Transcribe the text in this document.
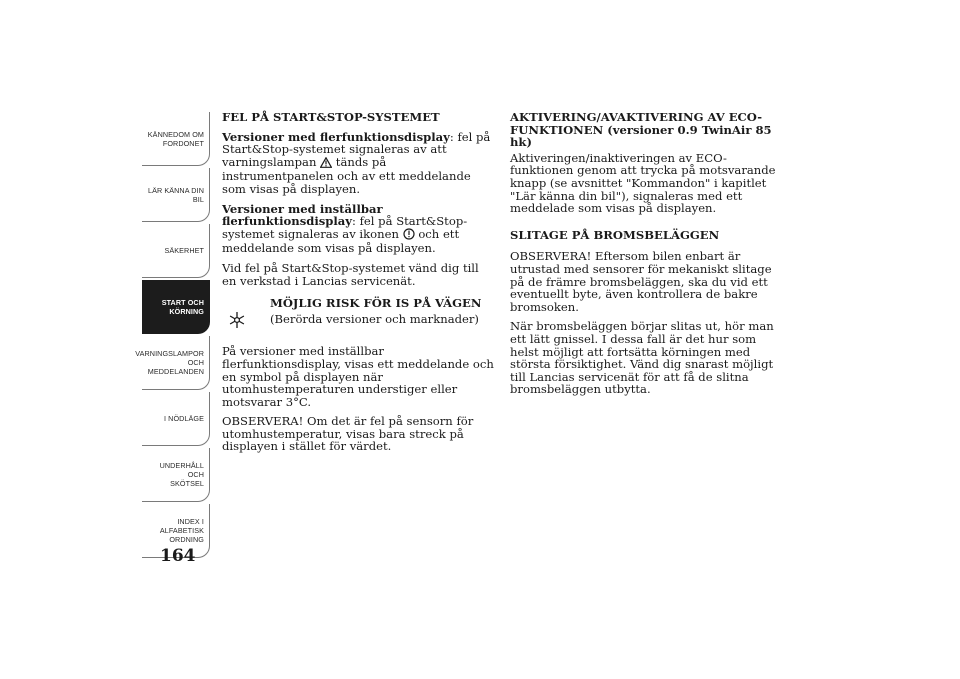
KÄNNEDOM OM
FORDONET
LÄR KÄNNA DIN
BIL
SÄKERHET
START OCH
KÖRNING
VARNINGSLAMPOR
OCH
MEDDELANDEN
I NÖDLÄGE
UNDERHÅLL OCH
SKÖTSEL
INDEX I
ALFABETISK
ORDNING
164

FEL PÅ START&STOP-SYSTEMET

Versioner med flerfunktionsdisplay: fel på Start&Stop-systemet signaleras av att varningslampan  tänds på instrumentpanelen och av ett meddelande som visas på displayen.

Versioner med inställbar flerfunktionsdisplay: fel på Start&Stop-systemet signaleras av ikonen  och ett meddelande som visas på displayen.

Vid fel på Start&Stop-systemet vänd dig till en verkstad i Lancias servicenät.

MÖJLIG RISK FÖR IS PÅ VÄGEN
(Berörda versioner och marknader)

På versioner med inställbar flerfunktionsdisplay, visas ett meddelande och en symbol på displayen när utomhustemperaturen understiger eller motsvarar 3°C.

OBSERVERA! Om det är fel på sensorn för utomhustemperatur, visas bara streck på displayen i stället för värdet.

AKTIVERING/AVAKTIVERING AV ECO-FUNKTIONEN (versioner 0.9 TwinAir 85 hk)

Aktiveringen/inaktiveringen av ECO-funktionen genom att trycka på motsvarande knapp (se avsnittet "Kommandon" i kapitlet "Lär känna din bil"), signaleras med ett meddelade som visas på displayen.

SLITAGE PÅ BROMSBELÄGGEN

OBSERVERA! Eftersom bilen enbart är utrustad med sensorer för mekaniskt slitage på de främre bromsbeläggen, ska du vid ett eventuellt byte, även kontrollera de bakre bromsoken.

När bromsbeläggen börjar slitas ut, hör man ett lätt gnissel. I dessa fall är det hur som helst möjligt att fortsätta körningen med största försiktighet. Vänd dig snarast möjligt till Lancias servicenät för att få de slitna bromsbeläggen utbytta.
